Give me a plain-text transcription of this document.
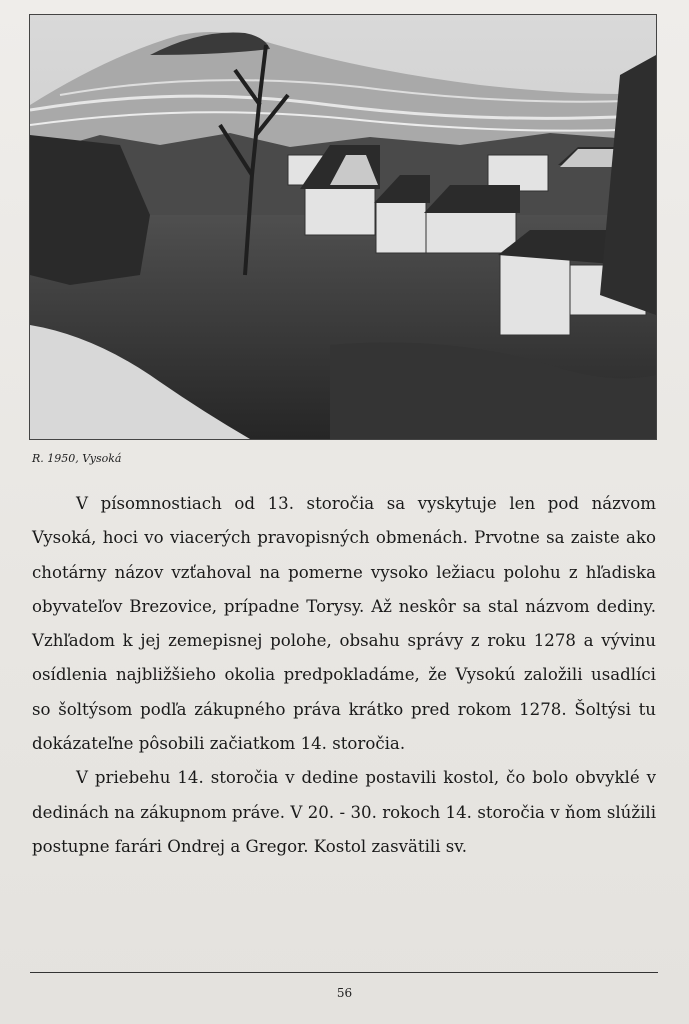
R. 1950, Vysoká

V písomnostiach od 13. storočia sa vyskytuje len pod názvom Vysoká, hoci vo viacerých pravopisných obmenách. Prvotne sa zaiste ako chotárny názov vzťahoval na pomerne vysoko ležiacu polohu z hľadiska obyvateľov Brezovice, prípadne Torysy. Až neskôr sa stal názvom dediny. Vzhľadom k jej zemepisnej polohe, obsahu správy z roku 1278 a vývinu osídlenia najbližšieho okolia predpokladáme, že Vysokú založili usadlíci so šoltýsom podľa zákupného práva krátko pred rokom 1278. Šoltýsi tu dokázateľne pôsobili začiatkom 14. storočia.

V priebehu 14. storočia v dedine postavili kostol, čo bolo obvyklé v dedinách na zákupnom práve. V 20. - 30. rokoch 14. storočia v ňom slúžili postupne farári Ondrej a Gregor. Kostol zasvätili sv.

56
